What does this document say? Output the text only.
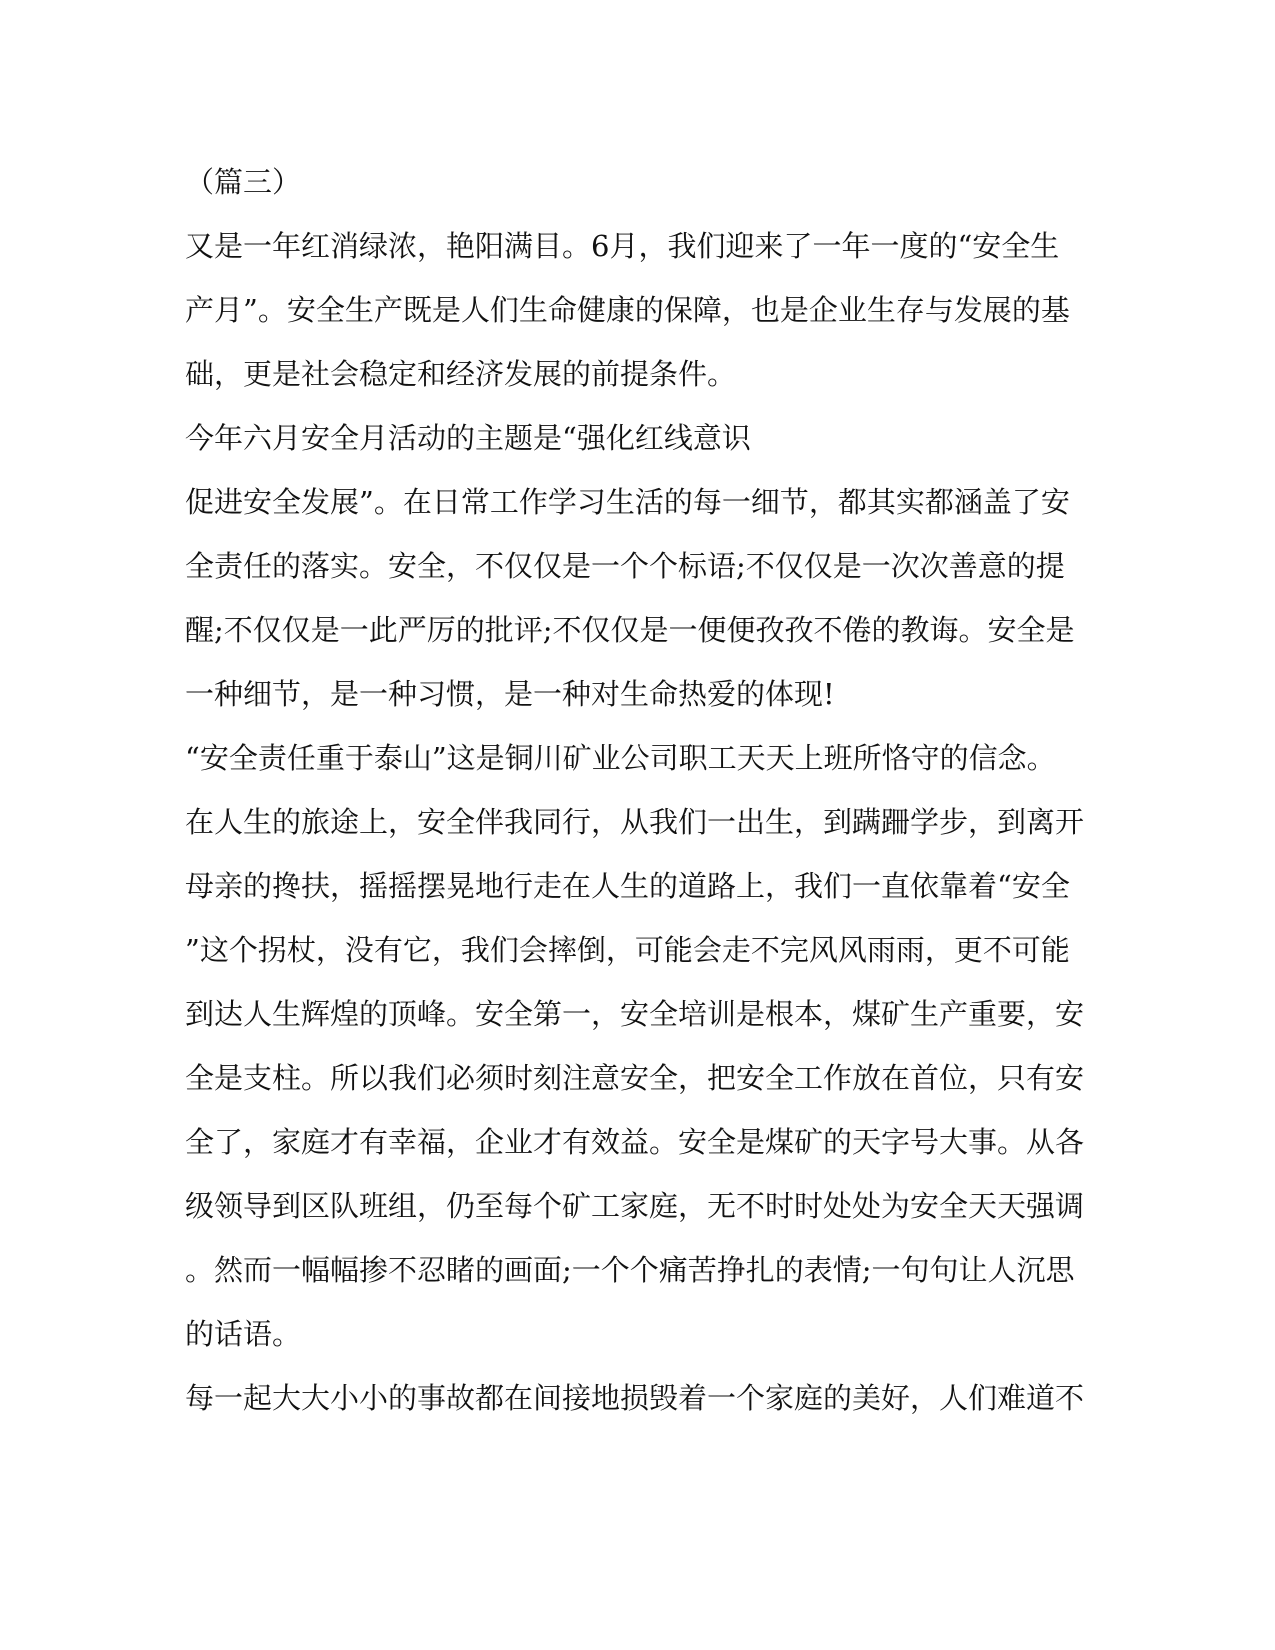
（篇三）
又是一年红消绿浓，艳阳满目。6月，我们迎来了一年一度的“安全生
产月”。安全生产既是人们生命健康的保障，也是企业生存与发展的基
础，更是社会稳定和经济发展的前提条件。
今年六月安全月活动的主题是“强化红线意识
促进安全发展”。在日常工作学习生活的每一细节，都其实都涵盖了安
全责任的落实。安全，不仅仅是一个个标语;不仅仅是一次次善意的提
醒;不仅仅是一此严厉的批评;不仅仅是一便便孜孜不倦的教诲。安全是
一种细节，是一种习惯，是一种对生命热爱的体现!
“安全责任重于泰山”这是铜川矿业公司职工天天上班所恪守的信念。
在人生的旅途上，安全伴我同行，从我们一出生，到蹒跚学步，到离开
母亲的搀扶，摇摇摆晃地行走在人生的道路上，我们一直依靠着“安全
”这个拐杖，没有它，我们会摔倒，可能会走不完风风雨雨，更不可能
到达人生辉煌的顶峰。安全第一，安全培训是根本，煤矿生产重要，安
全是支柱。所以我们必须时刻注意安全，把安全工作放在首位，只有安
全了，家庭才有幸福，企业才有效益。安全是煤矿的天字号大事。从各
级领导到区队班组，仍至每个矿工家庭，无不时时处处为安全天天强调
。然而一幅幅掺不忍睹的画面;一个个痛苦挣扎的表情;一句句让人沉思
的话语。
每一起大大小小的事故都在间接地损毁着一个家庭的美好，人们难道不
